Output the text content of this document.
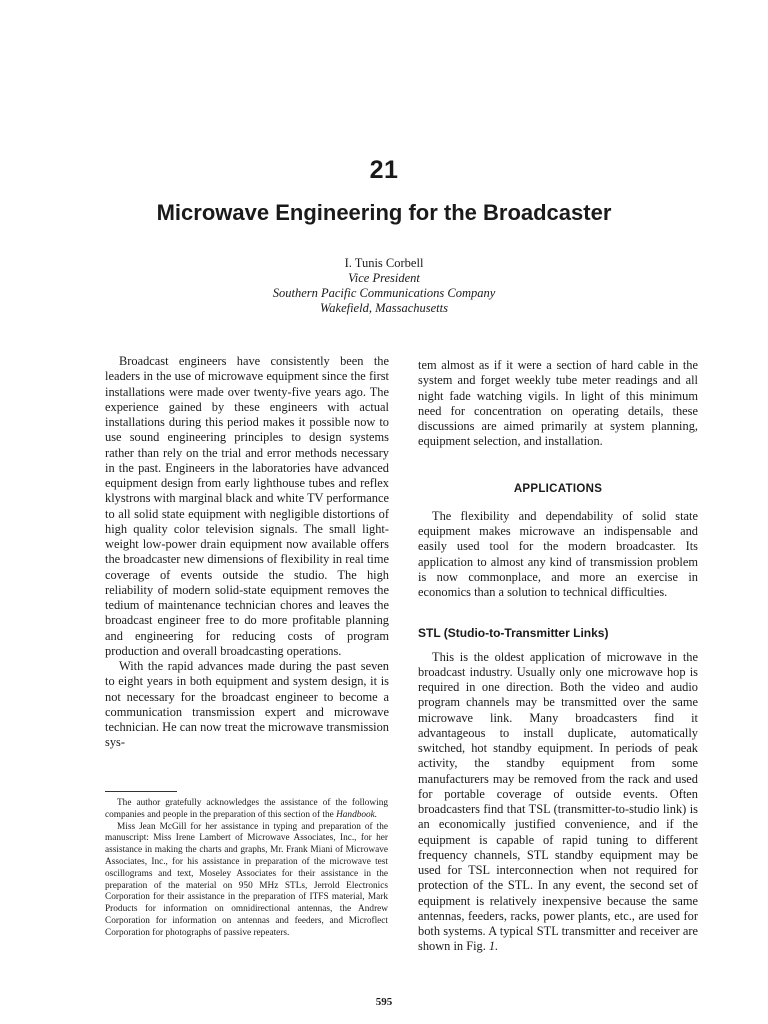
21
Microwave Engineering for the Broadcaster
I. Tunis Corbell
Vice President
Southern Pacific Communications Company
Wakefield, Massachusetts

Broadcast engineers have consistently been the leaders in the use of microwave equipment since the first installations were made over twenty-five years ago. The experience gained by these engineers with actual installations during this period makes it possible now to use sound engineering principles to design systems rather than rely on the trial and error methods necessary in the past. Engineers in the laboratories have advanced equipment design from early lighthouse tubes and reflex klystrons with marginal black and white TV performance to all solid state equipment with negligible distortions of high quality color television signals. The small light-weight low-power drain equipment now available offers the broadcaster new dimensions of flexibility in real time coverage of events outside the studio. The high reliability of modern solid-state equipment removes the tedium of maintenance technician chores and leaves the broadcast engineer free to do more profitable planning and engineering for reducing costs of program production and overall broadcasting operations.

With the rapid advances made during the past seven to eight years in both equipment and system design, it is not necessary for the broadcast engineer to become a communication transmission expert and microwave technician. He can now treat the microwave transmission sys-

The author gratefully acknowledges the assistance of the following companies and people in the preparation of this section of the Handbook.

Miss Jean McGill for her assistance in typing and preparation of the manuscript: Miss Irene Lambert of Microwave Associates, Inc., for her assistance in making the charts and graphs, Mr. Frank Miani of Microwave Associates, Inc., for his assistance in preparation of the microwave test oscillograms and text, Moseley Associates for their assistance in the preparation of the material on 950 MHz STLs, Jerrold Electronics Corporation for their assistance in the preparation of ITFS material, Mark Products for information on omnidirectional antennas, the Andrew Corporation for information on antennas and feeders, and Microflect Corporation for photographs of passive repeaters.

tem almost as if it were a section of hard cable in the system and forget weekly tube meter readings and all night fade watching vigils. In light of this minimum need for concentration on operating details, these discussions are aimed primarily at system planning, equipment selection, and installation.

APPLICATIONS

The flexibility and dependability of solid state equipment makes microwave an indispensable and easily used tool for the modern broadcaster. Its application to almost any kind of transmission problem is now commonplace, and more an exercise in economics than a solution to technical difficulties.

STL (Studio-to-Transmitter Links)

This is the oldest application of microwave in the broadcast industry. Usually only one microwave hop is required in one direction. Both the video and audio program channels may be transmitted over the same microwave link. Many broadcasters find it advantageous to install duplicate, automatically switched, hot standby equipment. In periods of peak activity, the standby equipment from some manufacturers may be removed from the rack and used for portable coverage of outside events. Often broadcasters find that TSL (transmitter-to-studio link) is an economically justified convenience, and if the equipment is capable of rapid tuning to different frequency channels, STL standby equipment may be used for TSL interconnection when not required for protection of the STL. In any event, the second set of equipment is relatively inexpensive because the same antennas, feeders, racks, power plants, etc., are used for both systems. A typical STL transmitter and receiver are shown in Fig. 1.

595
